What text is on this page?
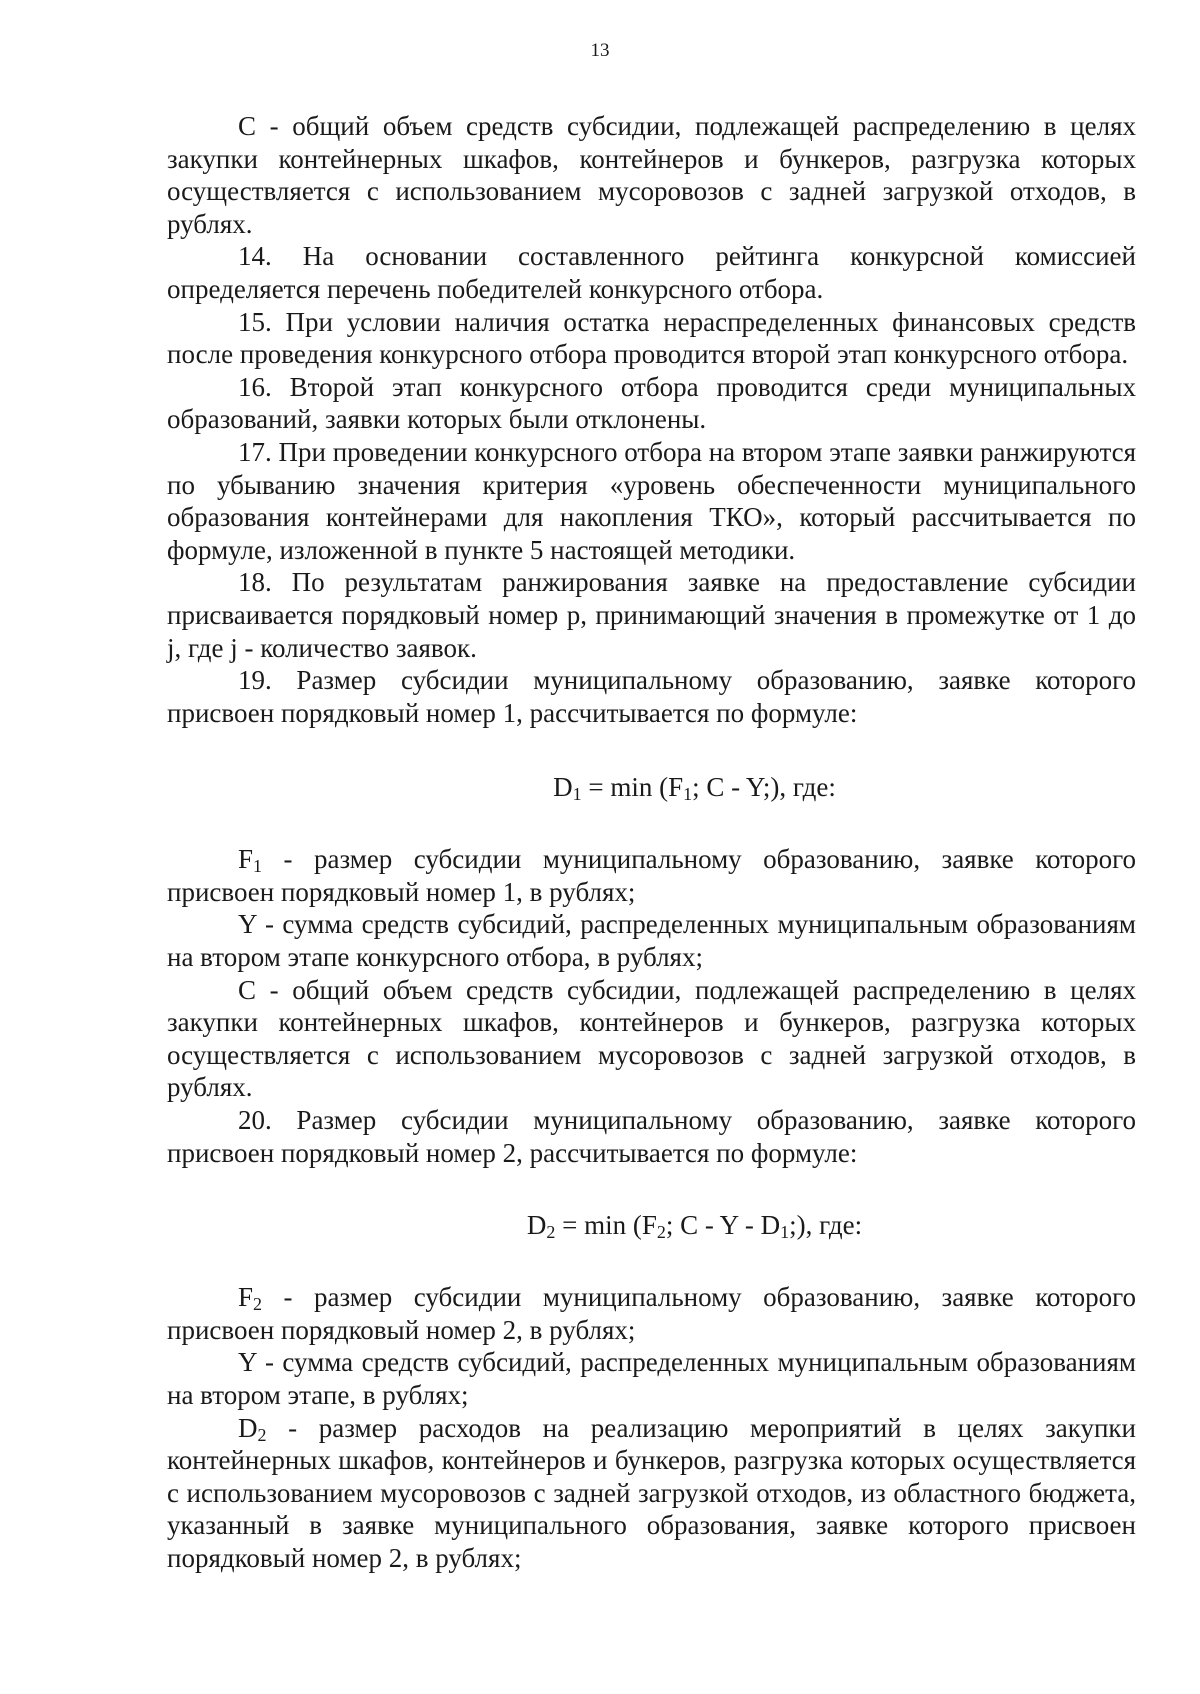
13

С - общий объем средств субсидии, подлежащей распределению в целях закупки контейнерных шкафов, контейнеров и бункеров, разгрузка которых осуществляется с использованием мусоровозов с задней загрузкой отходов, в рублях.

14. На основании составленного рейтинга конкурсной комиссией определяется перечень победителей конкурсного отбора.

15. При условии наличия остатка нераспределенных финансовых средств после проведения конкурсного отбора проводится второй этап конкурсного отбора.

16. Второй этап конкурсного отбора проводится среди муниципальных образований, заявки которых были отклонены.

17. При проведении конкурсного отбора на втором этапе заявки ранжируются по убыванию значения критерия «уровень обеспеченности муниципального образования контейнерами для накопления ТКО», который рассчитывается по формуле, изложенной в пункте 5 настоящей методики.

18. По результатам ранжирования заявке на предоставление субсидии присваивается порядковый номер p, принимающий значения в промежутке от 1 до j, где j - количество заявок.

19. Размер субсидии муниципальному образованию, заявке которого присвоен порядковый номер 1, рассчитывается по формуле:

$D_1 = \min (F_1$; C - Y;), где:

$F_1$ - размер субсидии муниципальному образованию, заявке которого присвоен порядковый номер 1, в рублях;

Y - сумма средств субсидий, распределенных муниципальным образованиям на втором этапе конкурсного отбора, в рублях;

С - общий объем средств субсидии, подлежащей распределению в целях закупки контейнерных шкафов, контейнеров и бункеров, разгрузка которых осуществляется с использованием мусоровозов с задней загрузкой отходов, в рублях.

20. Размер субсидии муниципальному образованию, заявке которого присвоен порядковый номер 2, рассчитывается по формуле:

$D_2 = \min (F_2$; C - Y - $D_1$;), где:

$F_2$ - размер субсидии муниципальному образованию, заявке которого присвоен порядковый номер 2, в рублях;

Y - сумма средств субсидий, распределенных муниципальным образованиям на втором этапе, в рублях;

$D_2$ - размер расходов на реализацию мероприятий в целях закупки контейнерных шкафов, контейнеров и бункеров, разгрузка которых осуществляется с использованием мусоровозов с задней загрузкой отходов, из областного бюджета, указанный в заявке муниципального образования, заявке которого присвоен порядковый номер 2, в рублях;
